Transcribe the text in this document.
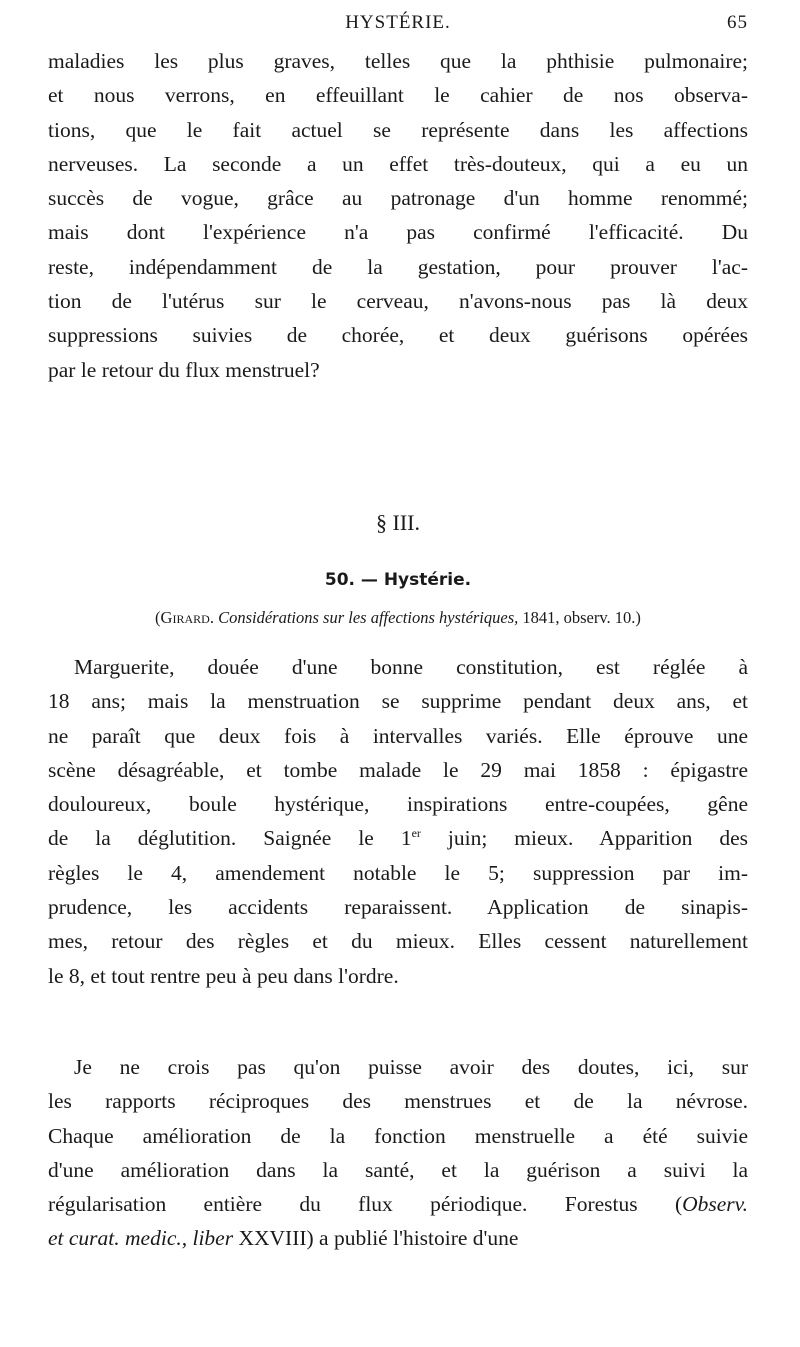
HYSTÉRIE.	65

maladies les plus graves, telles que la phthisie pulmonaire;
et nous verrons, en effeuillant le cahier de nos observa-
tions, que le fait actuel se représente dans les affections
nerveuses. La seconde a un effet très-douteux, qui a eu un
succès de vogue, grâce au patronage d'un homme renommé;
mais dont l'expérience n'a pas confirmé l'efficacité. Du
reste, indépendamment de la gestation, pour prouver l'ac-
tion de l'utérus sur le cerveau, n'avons-nous pas là deux
suppressions suivies de chorée, et deux guérisons opérées
par le retour du flux menstruel?

§ III.
50. — Hystérie.
(Girard. Considérations sur les affections hystériques, 1841, observ. 10.)

Marguerite, douée d'une bonne constitution, est réglée à
18 ans; mais la menstruation se supprime pendant deux ans, et
ne paraît que deux fois à intervalles variés. Elle éprouve une
scène désagréable, et tombe malade le 29 mai 1858 : épigastre
douloureux, boule hystérique, inspirations entre-coupées, gêne
de la déglutition. Saignée le 1er juin; mieux. Apparition des
règles le 4, amendement notable le 5; suppression par im-
prudence, les accidents reparaissent. Application de sinapis-
mes, retour des règles et du mieux. Elles cessent naturellement
le 8, et tout rentre peu à peu dans l'ordre.

Je ne crois pas qu'on puisse avoir des doutes, ici, sur
les rapports réciproques des menstrues et de la névrose.
Chaque amélioration de la fonction menstruelle a été suivie
d'une amélioration dans la santé, et la guérison a suivi la
régularisation entière du flux périodique. Forestus (Observ.
et curat. medic., liber XXVIII) a publié l'histoire d'une
